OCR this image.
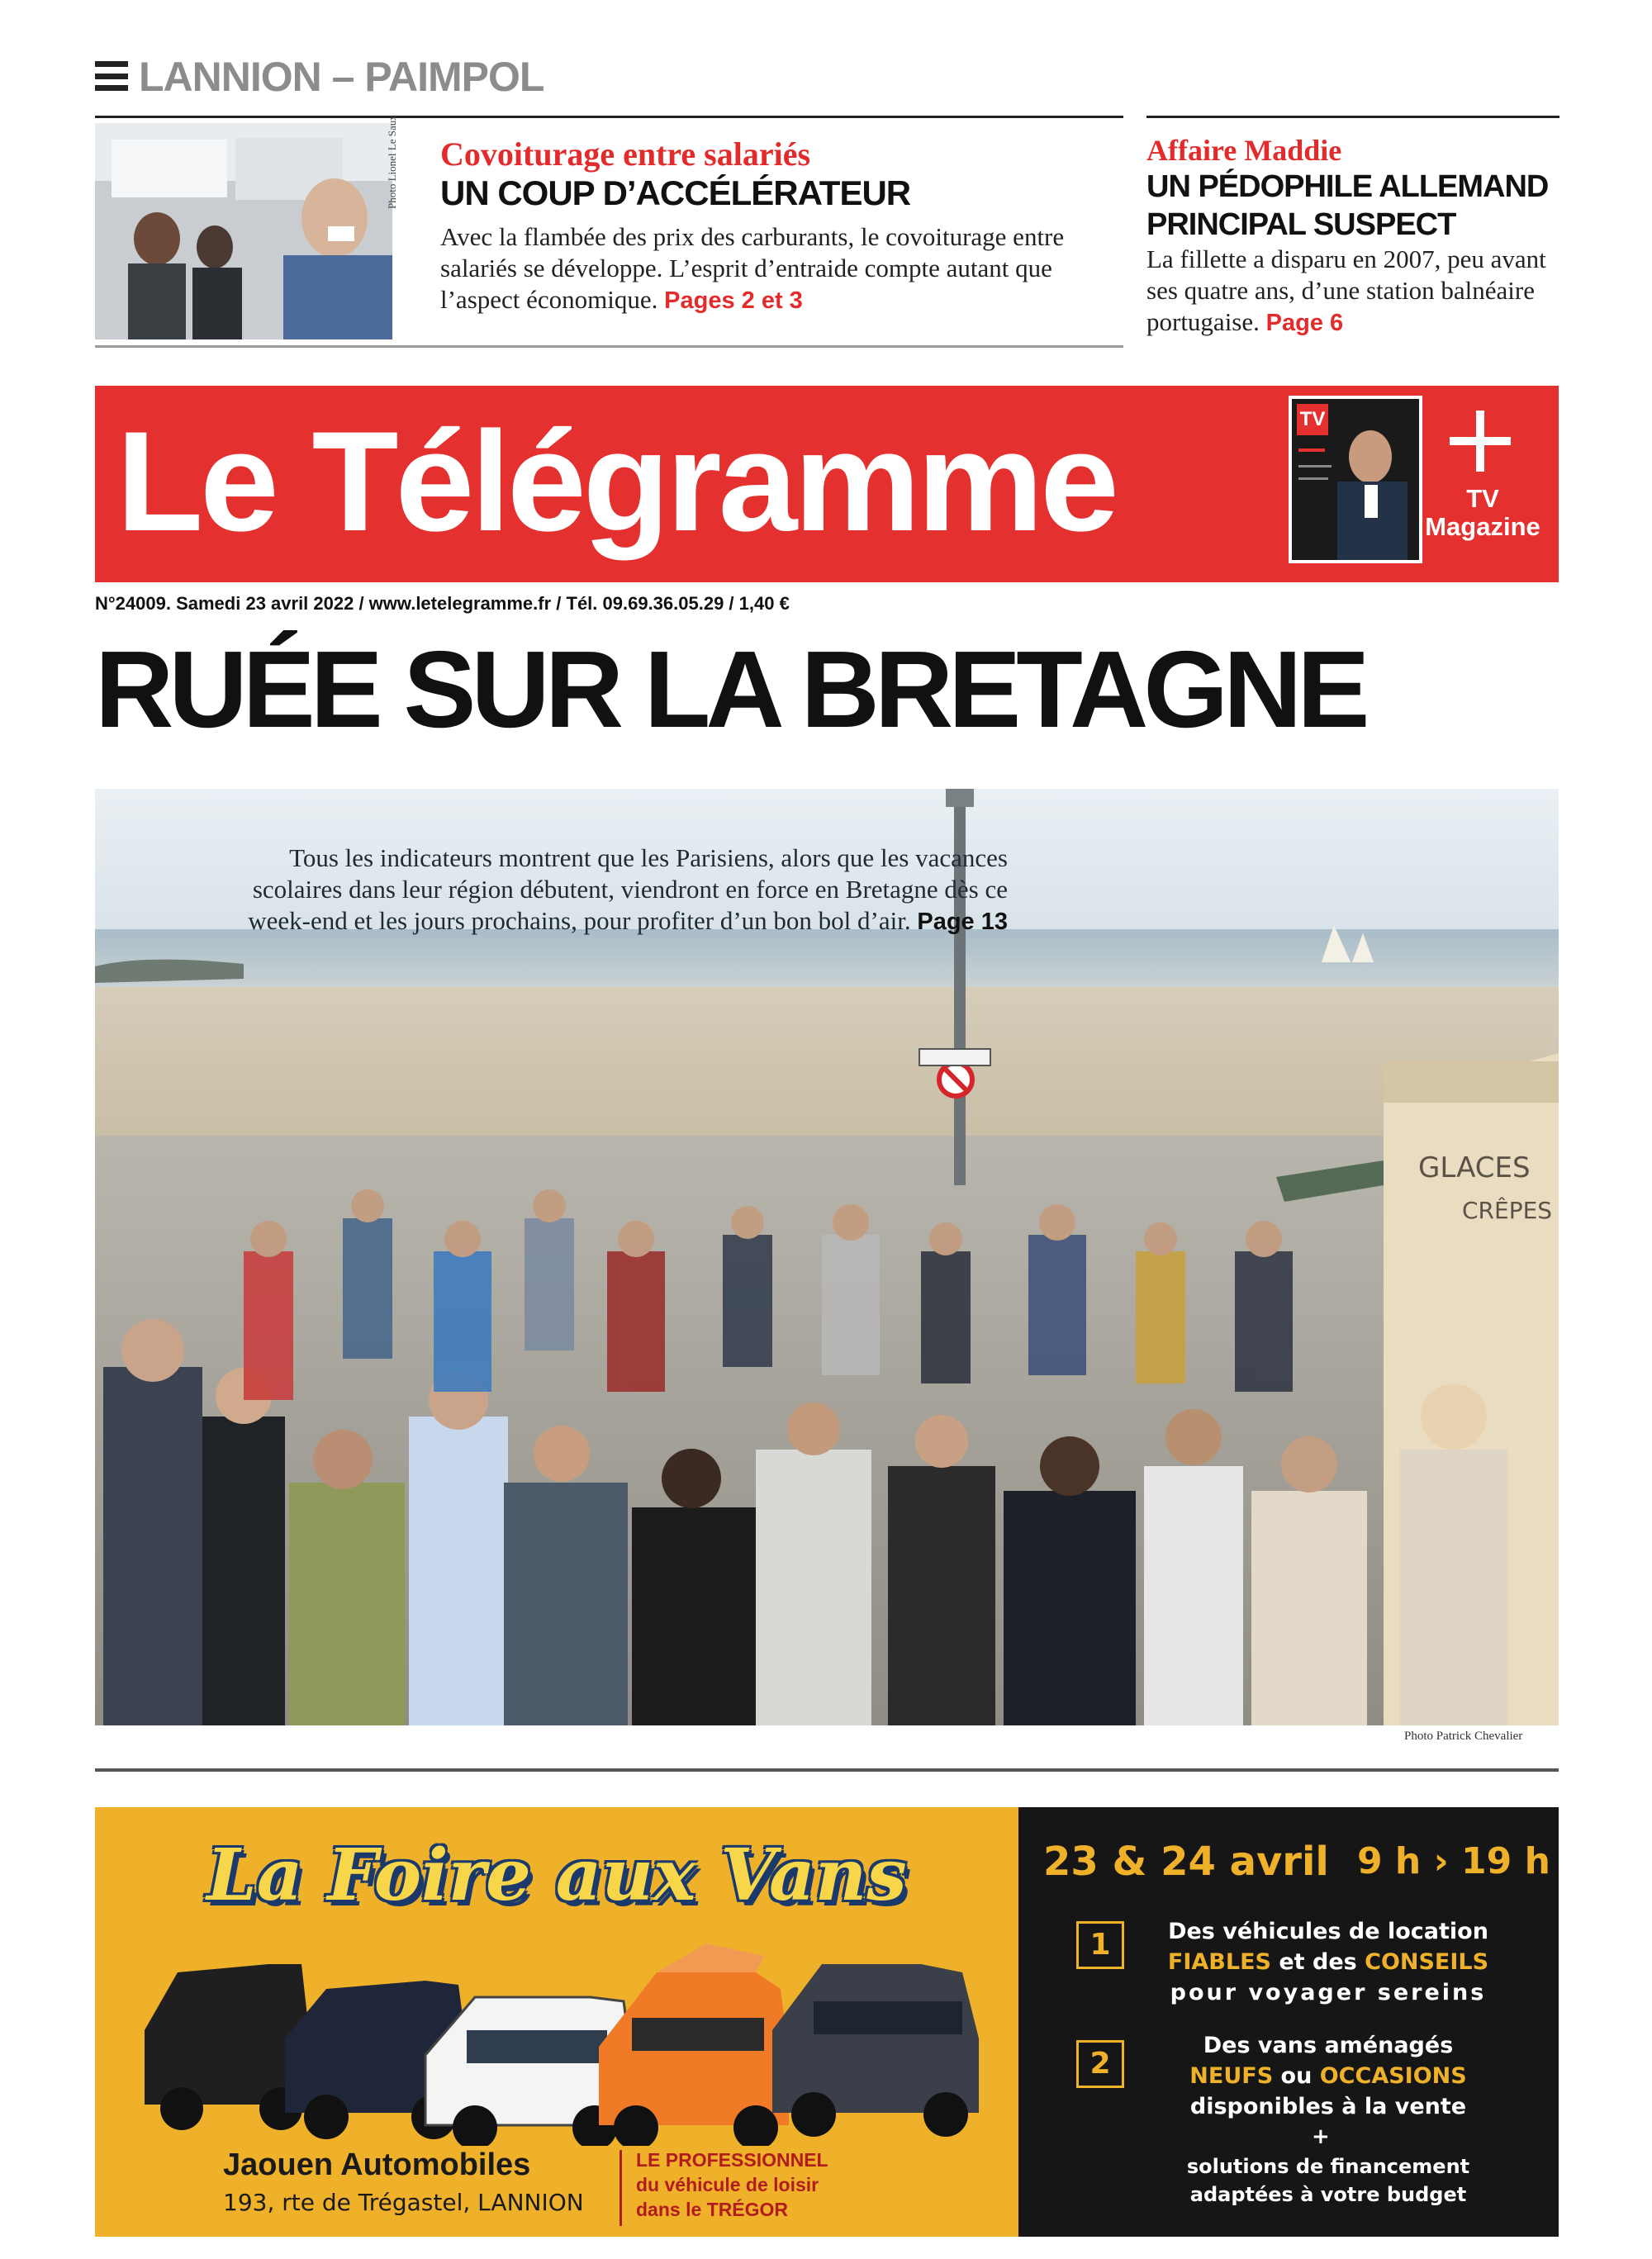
LANNION – PAIMPOL
Photo Lionel Le Saux Covoiturage entre salariés
UN COUP D’ACCÉLÉRATEUR
Avec la flambée des prix des carburants, le covoiturage entre salariés se développe. L’esprit d’entraide compte autant que l’aspect économique. Pages 2 et 3
Affaire Maddie
UN PÉDOPHILE ALLEMAND
PRINCIPAL SUSPECT
La fillette a disparu en 2007, peu avant ses quatre ans, d’une station balnéaire portugaise. Page 6
Le Télégramme	TV
TV
Magazine
N°24009. Samedi 23 avril 2022 / www.letelegramme.fr / Tél. 09.69.36.05.29 / 1,40 €
RUÉE SUR LA BRETAGNE
GLACES
CRÊPES
Tous les indicateurs montrent que les Parisiens, alors que les vacances scolaires dans leur région débutent, viendront en force en Bretagne dès ce week-end et les jours prochains, pour profiter d’un bon bol d’air. Page 13
Photo Patrick Chevalier
La Foire aux Vans
Jaouen Automobiles
193, rte de Trégastel, LANNION
LE PROFESSIONNEL
du véhicule de loisir
dans le TRÉGOR
23 & 24 avril 9 h › 19 h
1	Des véhicules de location
FIABLES et des CONSEILS
pour voyager sereins
2
Des vans aménagés
NEUFS ou OCCASIONS
disponibles à la vente
+
solutions de financement
adaptées à votre budget
